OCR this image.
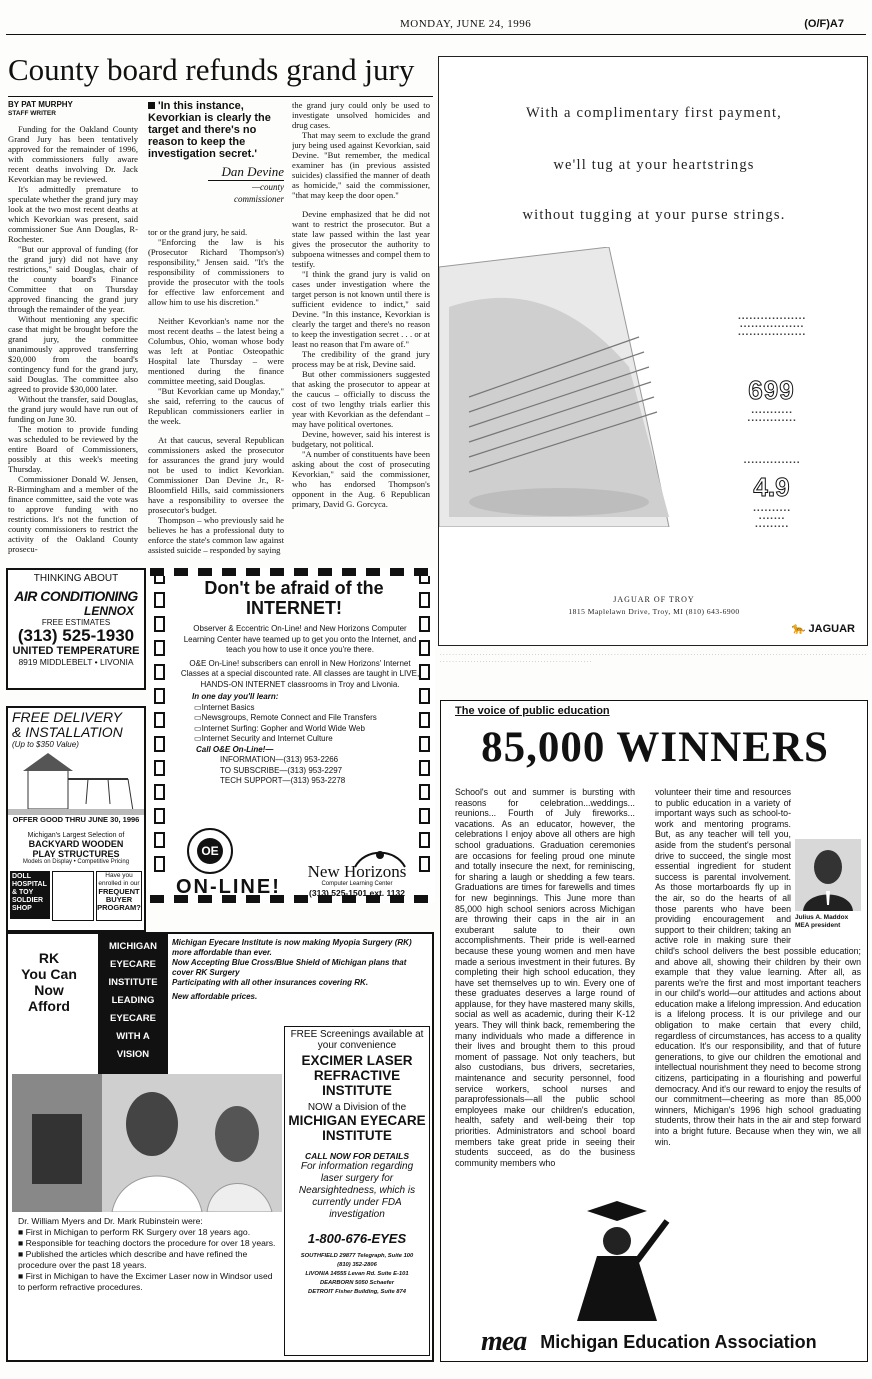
MONDAY, JUNE 24, 1996	(O/F)A7
County board refunds grand jury
BY PAT MURPHY
STAFF WRITER

Funding for the Oakland County Grand Jury has been tentatively approved for the remainder of 1996, with commissioners fully aware recent deaths involving Dr. Jack Kevorkian may be reviewed.

It's admittedly premature to speculate whether the grand jury may look at the two most recent deaths at which Kevorkian was present, said commissioner Sue Ann Douglas, R-Rochester.

"But our approval of funding (for the grand jury) did not have any restrictions," said Douglas, chair of the county board's Finance Committee that on Thursday approved financing the grand jury through the remainder of the year.

Without mentioning any specific case that might be brought before the grand jury, the committee unanimously approved transferring $20,000 from the board's contingency fund for the grand jury, said Douglas. The committee also agreed to provide $30,000 later.

Without the transfer, said Douglas, the grand jury would have run out of funding on June 30.

The motion to provide funding was scheduled to be reviewed by the entire Board of Commissioners, possibly at this week's meeting Thursday.

Commissioner Donald W. Jensen, R-Birmingham and a member of the finance committee, said the vote was to approve funding with no restrictions. It's not the function of county commissioners to restrict the activity of the Oakland County prosecu-

'In this instance, Kevorkian is clearly the target and there's no reason to keep the investigation secret.'
Dan Devine
—county commissioner

tor or the grand jury, he said.

"Enforcing the law is his (Prosecutor Richard Thompson's) responsibility," Jensen said. "It's the responsibility of commissioners to provide the prosecutor with the tools for effective law enforcement and allow him to use his discretion."

Neither Kevorkian's name nor the most recent deaths – the latest being a Columbus, Ohio, woman whose body was left at Pontiac Osteopathic Hospital late Thursday – were mentioned during the finance committee meeting, said Douglas.

"But Kevorkian came up Monday," she said, referring to the caucus of Republican commissioners earlier in the week.

At that caucus, several Republican commissioners asked the prosecutor for assurances the grand jury would not be used to indict Kevorkian. Commissioner Dan Devine Jr., R-Bloomfield Hills, said commissioners have a responsibility to oversee the prosecutor's budget.

Thompson – who previously said he believes he has a professional duty to enforce the state's common law against assisted suicide – responded by saying

the grand jury could only be used to investigate unsolved homicides and drug cases.

That may seem to exclude the grand jury being used against Kevorkian, said Devine. "But remember, the medical examiner has (in previous assisted suicides) classified the manner of death as homicide," said the commissioner, "that may keep the door open."

Devine emphasized that he did not want to restrict the prosecutor. But a state law passed within the last year gives the prosecutor the authority to subpoena witnesses and compel them to testify.

"I think the grand jury is valid on cases under investigation where the target person is not known until there is sufficient evidence to indict," said Devine. "In this instance, Kevorkian is clearly the target and there's no reason to keep the investigation secret . . . or at least no reason that I'm aware of."

The credibility of the grand jury process may be at risk, Devine said.

But other commissioners suggested that asking the prosecutor to appear at the caucus – officially to discuss the cost of two lengthy trials earlier this year with Kevorkian as the defendant – may have political overtones.

Devine, however, said his interest is budgetary, not political.

"A number of constituents have been asking about the cost of prosecuting Kevorkian," said the commissioner, who has endorsed Thompson's opponent in the Aug. 6 Republican primary, David G. Gorcyca.

With a complimentary first payment,
we'll tug at your heartstrings
without tugging at your purse strings.
▪ ▪ ▪ ▪ ▪ ▪ ▪ ▪ ▪ ▪ ▪ ▪ ▪ ▪ ▪ ▪ ▪ ▪
▪ ▪ ▪ ▪ ▪ ▪ ▪ ▪ ▪ ▪ ▪ ▪ ▪ ▪ ▪ ▪ ▪
▪ ▪ ▪ ▪ ▪ ▪ ▪ ▪ ▪ ▪ ▪ ▪ ▪ ▪ ▪ ▪ ▪ ▪
699
▪ ▪ ▪ ▪ ▪ ▪ ▪ ▪ ▪ ▪ ▪
▪ ▪ ▪ ▪ ▪ ▪ ▪ ▪ ▪ ▪ ▪ ▪ ▪
▪ ▪ ▪ ▪ ▪ ▪ ▪ ▪ ▪ ▪ ▪ ▪ ▪ ▪ ▪
4.9
▪ ▪ ▪ ▪ ▪ ▪ ▪ ▪ ▪ ▪
▪ ▪ ▪ ▪ ▪ ▪ ▪
▪ ▪ ▪ ▪ ▪ ▪ ▪ ▪ ▪
JAGUAR OF TROY
1815 Maplelawn Drive, Troy, MI (810) 643-6900
🐆 JAGUAR
· · · · · · · · · · · · · · · · · · · · · · · · · · · · · · · · · · · · · · · · · · · · · · · · · · · · · · · · · · · · · · · · · · · · · · · · · · · · · · · · · · · · · · · · · · · · · · · · · · · · · · · · · · · · · · · · · · · · · · · · · · · · · · · · · · · · · · · · · · · · · · · · · · · · · · · · · · · · · · · · · · · · · · · · · · · · · · · · · · · · · · · · · · · · · ·
THINKING ABOUT
AIR CONDITIONING
LENNOX
FREE ESTIMATES
(313) 525-1930
UNITED TEMPERATURE
8919 MIDDLEBELT • LIVONIA
FREE DELIVERY
& INSTALLATION
(Up to $350 Value)
OFFER GOOD THRU JUNE 30, 1996
Michigan's Largest Selection of
BACKYARD WOODEN
PLAY STRUCTURES
Models on Display • Competitive Pricing
DOLL HOSPITAL & TOY SOLDIER SHOP
Have you enrolled in our
FREQUENT BUYER PROGRAM?
Don't be afraid of the
INTERNET!
Observer & Eccentric On-Line! and New Horizons Computer Learning Center have teamed up to get you onto the Internet, and teach you how to use it once you're there.
O&E On-Line! subscribers can enroll in New Horizons' Internet Classes at a special discounted rate. All classes are taught in LIVE, HANDS-ON INTERNET classrooms in Troy and Livonia.
In one day you'll learn:
▭Internet Basics
▭Newsgroups, Remote Connect and File Transfers
▭Internet Surfing: Gopher and World Wide Web
▭Internet Security and Internet Culture
Call O&E On-Line!—
INFORMATION—(313) 953-2266
TO SUBSCRIBE—(313) 953-2297
TECH SUPPORT—(313) 953-2278
OE
ON-LINE!
New Horizons
Computer Learning Center
(313) 525-1501 ext. 1132
The voice of public education
85,000 WINNERS

School's out and summer is bursting with reasons for celebration...weddings... reunions... Fourth of July fireworks... vacations. As an educator, however, the celebrations I enjoy above all others are high school graduations. Graduation ceremonies are occasions for feeling proud one minute and totally insecure the next, for reminiscing, for sharing a laugh or shedding a few tears. Graduations are times for farewells and times for new beginnings. This June more than 85,000 high school seniors across Michigan are throwing their caps in the air in an exuberant salute to their own accomplishments. Their pride is well-earned because these young women and men have made a serious investment in their futures. By completing their high school education, they have set themselves up to win. Every one of these graduates deserves a large round of applause, for they have mastered many skills, social as well as academic, during their K-12 years. They will think back, remembering the many individuals who made a difference in their lives and brought them to this proud moment of passage. Not only teachers, but also custodians, bus drivers, secretaries, maintenance and security personnel, food service workers, school nurses and paraprofessionals—all the public school employees make our children's education, health, safety and well-being their top priorities. Administrators and school board members take great pride in seeing their students succeed, as do the business community members who

Julius A. Maddox
MEA president

volunteer their time and resources to public education in a variety of important ways such as school-to-work and mentoring programs. But, as any teacher will tell you, aside from the student's personal drive to succeed, the single most essential ingredient for student success is parental involvement. As those mortarboards fly up in the air, so do the hearts of all those parents who have been providing encouragement and support to their children; taking an active role in making sure their child's school delivers the best possible education; and above all, showing their children by their own example that they value learning. After all, as parents we're the first and most important teachers in our child's world—our attitudes and actions about education make a lifelong impression. And education is a lifelong process. It is our privilege and our obligation to make certain that every child, regardless of circumstances, has access to a quality education. It's our responsibility, and that of future generations, to give our children the emotional and intellectual nourishment they need to become strong citizens, participating in a flourishing and powerful democracy. And it's our reward to enjoy the results of our commitment—cheering as more than 85,000 winners, Michigan's 1996 high school graduating students, throw their hats in the air and step forward into a bright future. Because when they win, we all win.

mea Michigan Education Association
RK
You Can
Now
Afford
MICHIGAN
EYECARE
INSTITUTE
LEADING
EYECARE
WITH A
VISION
Michigan Eyecare Institute is now making Myopia Surgery (RK) more affordable than ever.
Now Accepting Blue Cross/Blue Shield of Michigan plans that cover RK Surgery
Participating with all other insurances covering RK.
New affordable prices.
FREE Screenings available at your convenience
EXCIMER LASER REFRACTIVE INSTITUTE
NOW a Division of the
MICHIGAN EYECARE INSTITUTE
CALL NOW FOR DETAILS
For information regarding laser surgery for Nearsightedness, which is currently under FDA investigation
1-800-676-EYES
SOUTHFIELD 29877 Telegraph, Suite 100
(810) 352-2806
LIVONIA 14555 Levan Rd. Suite E-101
DEARBORN 5050 Schaefer
DETROIT Fisher Building, Suite 874
Dr. William Myers and Dr. Mark Rubinstein were:
■ First in Michigan to perform RK Surgery over 18 years ago.
■ Responsible for teaching doctors the procedure for over 18 years.
■ Published the articles which describe and have refined the procedure over the past 18 years.
■ First in Michigan to have the Excimer Laser now in Windsor used to perform refractive procedures.
